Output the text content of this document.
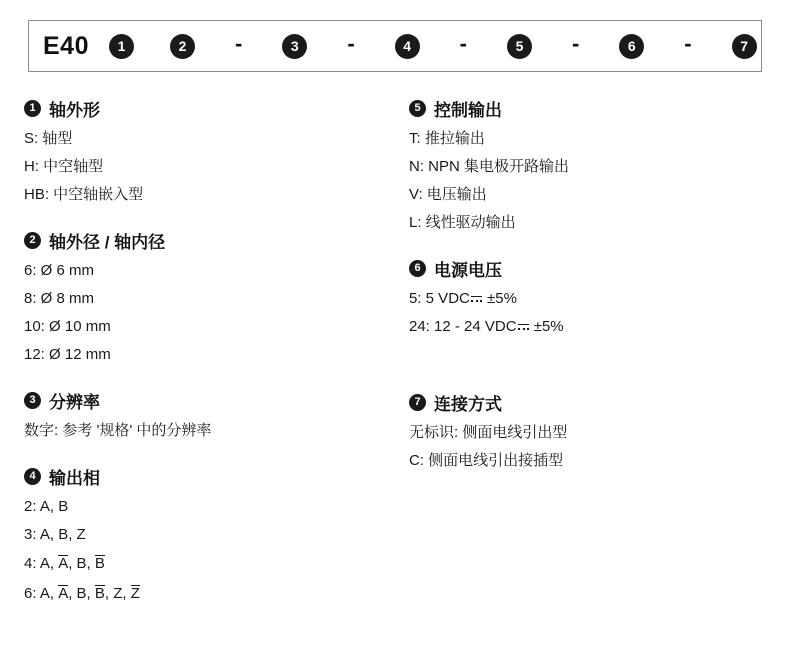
E40	1	2	-	3	-	4	-	5	-	6	-	7
1 轴外形
S: 轴型
H: 中空轴型
HB: 中空轴嵌入型
2 轴外径 / 轴内径
6: Ø 6 mm
8: Ø 8 mm
10: Ø 10 mm
12: Ø 12 mm
3 分辨率
数字: 参考 '规格' 中的分辨率
4 输出相
2: A, B
3: A, B, Z
4: A, A, B, B
6: A, A, B, B, Z, Z
5 控制输出
T: 推拉输出
N: NPN 集电极开路输出
V: 电压输出
L: 线性驱动输出
6 电源电压
5: 5 VDC ±5%
24: 12 - 24 VDC ±5%
7 连接方式
无标识: 侧面电线引出型
C: 侧面电线引出接插型
